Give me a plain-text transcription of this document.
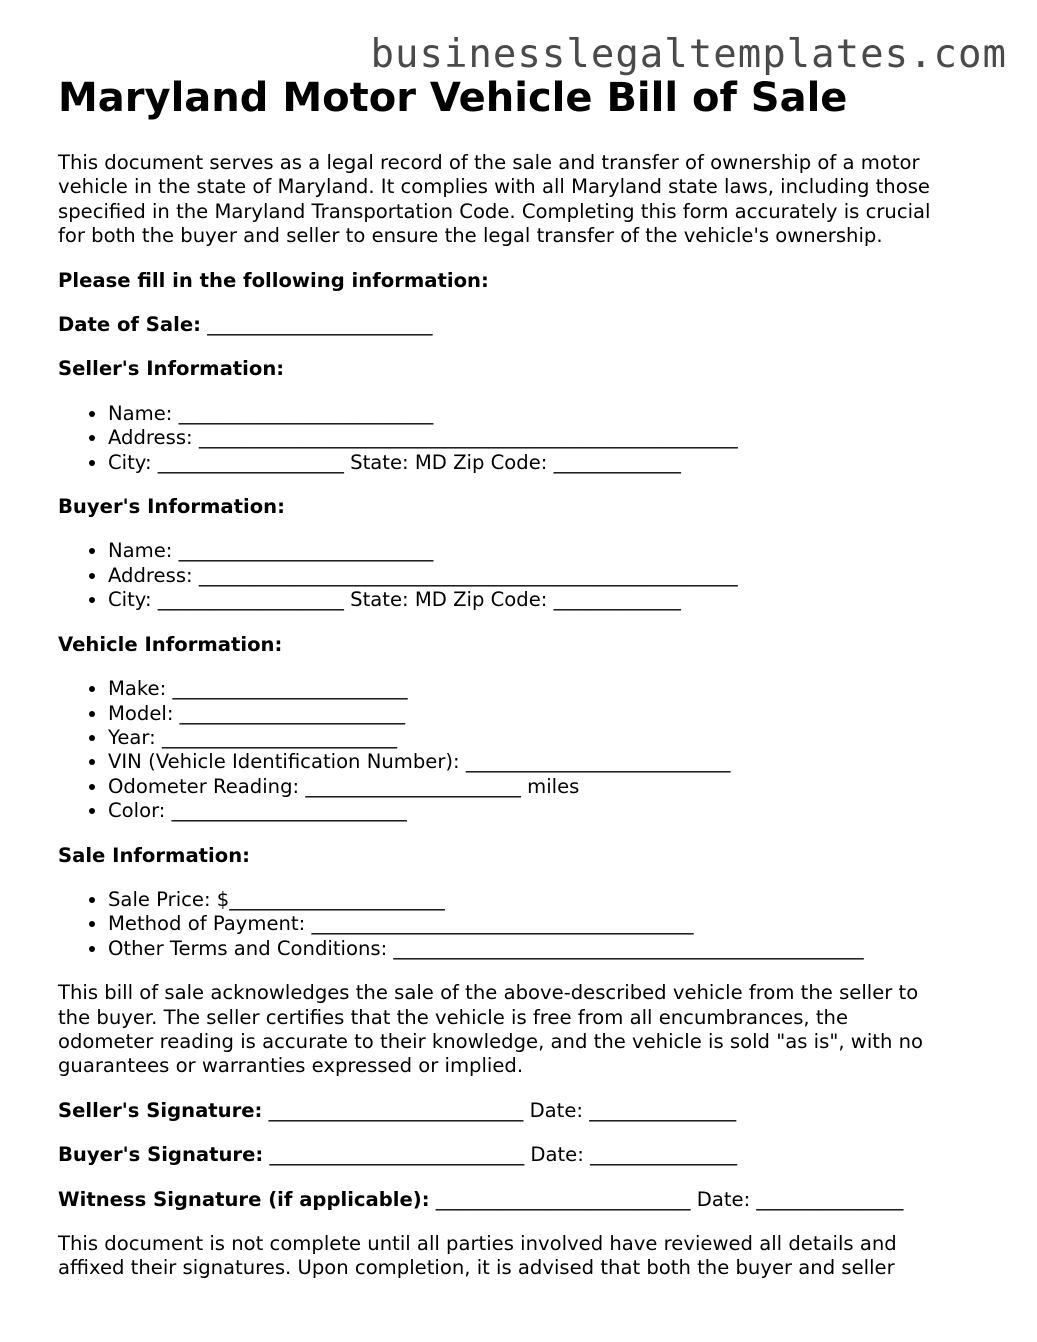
businesslegaltemplates.com
Maryland Motor Vehicle Bill of Sale

This document serves as a legal record of the sale and transfer of ownership of a motor

vehicle in the state of Maryland. It complies with all Maryland state laws, including those

specified in the Maryland Transportation Code. Completing this form accurately is crucial

for both the buyer and seller to ensure the legal transfer of the vehicle's ownership.

Please fill in the following information:

Date of Sale: _______________________

Seller's Information:

• Name: __________________________
• Address: _______________________________________________________
• City: ___________________ State: MD Zip Code: _____________

Buyer's Information:

• Name: __________________________
• Address: _______________________________________________________
• City: ___________________ State: MD Zip Code: _____________

Vehicle Information:

• Make: ________________________
• Model: _______________________
• Year: ________________________
• VIN (Vehicle Identification Number): ___________________________
• Odometer Reading: ______________________ miles
• Color: ________________________

Sale Information:

• Sale Price: $______________________
• Method of Payment: _______________________________________
• Other Terms and Conditions: ________________________________________________

This bill of sale acknowledges the sale of the above-described vehicle from the seller to

the buyer. The seller certifies that the vehicle is free from all encumbrances, the

odometer reading is accurate to their knowledge, and the vehicle is sold "as is", with no

guarantees or warranties expressed or implied.

Seller's Signature: __________________________ Date: _______________

Buyer's Signature: __________________________ Date: _______________

Witness Signature (if applicable): __________________________ Date: _______________

This document is not complete until all parties involved have reviewed all details and

affixed their signatures. Upon completion, it is advised that both the buyer and seller
